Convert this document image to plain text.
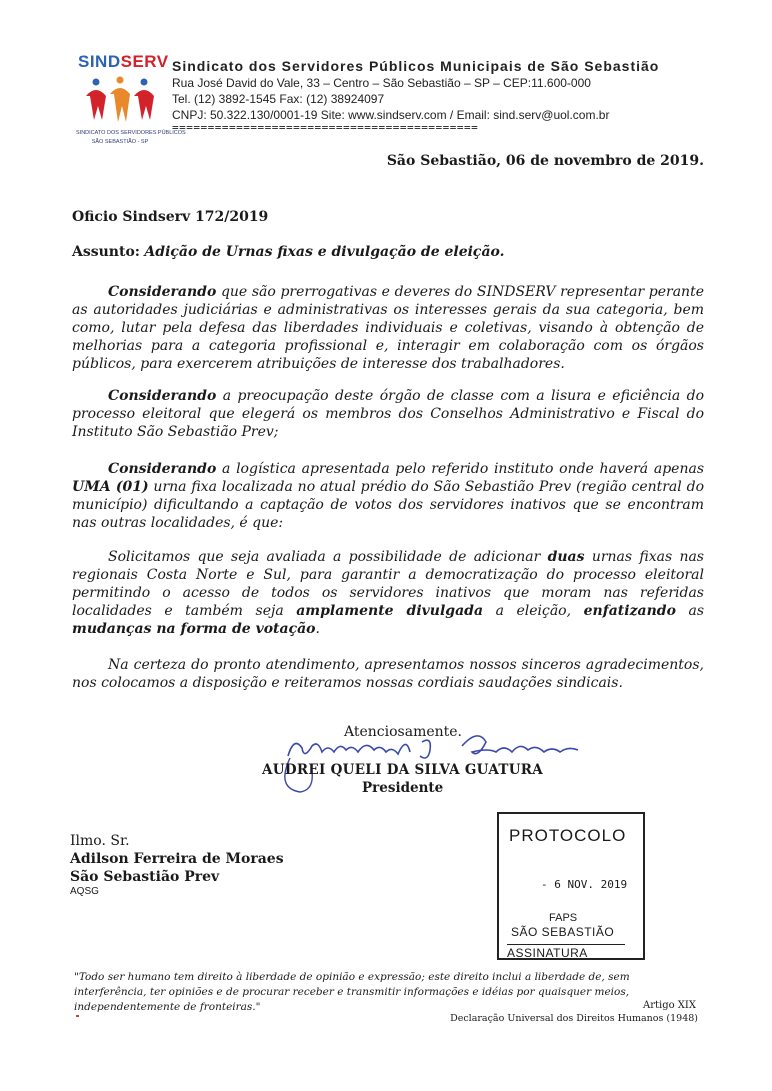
SINDSERV
SINDICATO DOS SERVIDORES PÚBLICOS
SÃO SEBASTIÃO - SP
Sindicato dos Servidores Públicos Municipais de São Sebastião
Rua José David do Vale, 33 – Centro – São Sebastião – SP – CEP:11.600-000
Tel. (12) 3892-1545 Fax: (12) 38924097
CNPJ: 50.322.130/0001-19 Site: www.sindserv.com / Email: sind.serv@uol.com.br
===========================================
São Sebastião, 06 de novembro de 2019.
Oficio Sindserv 172/2019
Assunto: Adição de Urnas fixas e divulgação de eleição.
Considerando que são prerrogativas e deveres do SINDSERV representar perante as autoridades judiciárias e administrativas os interesses gerais da sua categoria, bem como, lutar pela defesa das liberdades individuais e coletivas, visando à obtenção de melhorias para a categoria profissional e, interagir em colaboração com os órgãos públicos, para exercerem atribuições de interesse dos trabalhadores.
Considerando a preocupação deste órgão de classe com a lisura e eficiência do processo eleitoral que elegerá os membros dos Conselhos Administrativo e Fiscal do Instituto São Sebastião Prev;
Considerando a logística apresentada pelo referido instituto onde haverá apenas UMA (01) urna fixa localizada no atual prédio do São Sebastião Prev (região central do município) dificultando a captação de votos dos servidores inativos que se encontram nas outras localidades, é que:
Solicitamos que seja avaliada a possibilidade de adicionar duas urnas fixas nas regionais Costa Norte e Sul, para garantir a democratização do processo eleitoral permitindo o acesso de todos os servidores inativos que moram nas referidas localidades e também seja amplamente divulgada a eleição, enfatizando as mudanças na forma de votação.
Na certeza do pronto atendimento, apresentamos nossos sinceros agradecimentos, nos colocamos a disposição e reiteramos nossas cordiais saudações sindicais.
Atenciosamente.
AUDREI QUELI DA SILVA GUATURA
Presidente
Ilmo. Sr.
Adilson Ferreira de Moraes
São Sebastião Prev
AQSG
PROTOCOLO
- 6 NOV. 2019
FAPS
SÃO SEBASTIÃO
ASSINATURA
"Todo ser humano tem direito à liberdade de opinião e expressão; este direito inclui a liberdade de, sem interferência, ter opiniões e de procurar receber e transmitir informações e idéias por quaisquer meios, independentemente de fronteiras."	Artigo XIX
Declaração Universal dos Direitos Humanos (1948)
